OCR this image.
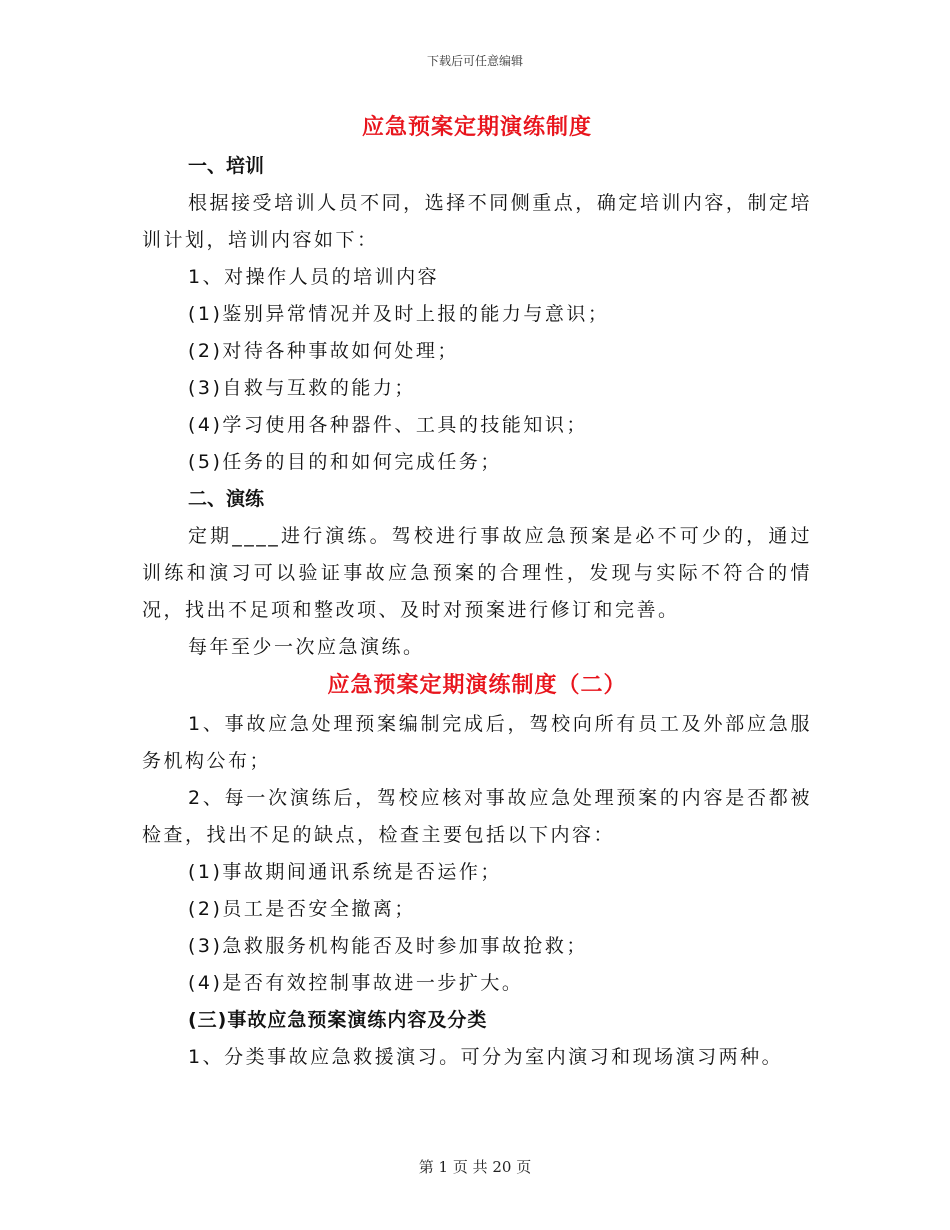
下载后可任意编辑
应急预案定期演练制度

一、培训

根据接受培训人员不同，选择不同侧重点，确定培训内容，制定培训计划，培训内容如下：

1、对操作人员的培训内容

(1)鉴别异常情况并及时上报的能力与意识；

(2)对待各种事故如何处理；

(3)自救与互救的能力；

(4)学习使用各种器件、工具的技能知识；

(5)任务的目的和如何完成任务；

二、演练

定期____进行演练。驾校进行事故应急预案是必不可少的，通过训练和演习可以验证事故应急预案的合理性，发现与实际不符合的情况，找出不足项和整改项、及时对预案进行修订和完善。

每年至少一次应急演练。

应急预案定期演练制度（二）

1、事故应急处理预案编制完成后，驾校向所有员工及外部应急服务机构公布；

2、每一次演练后，驾校应核对事故应急处理预案的内容是否都被检查，找出不足的缺点，检查主要包括以下内容：

(1)事故期间通讯系统是否运作；

(2)员工是否安全撤离；

(3)急救服务机构能否及时参加事故抢救；

(4)是否有效控制事故进一步扩大。

(三)事故应急预案演练内容及分类

1、分类事故应急救援演习。可分为室内演习和现场演习两种。

第 1 页 共 20 页
